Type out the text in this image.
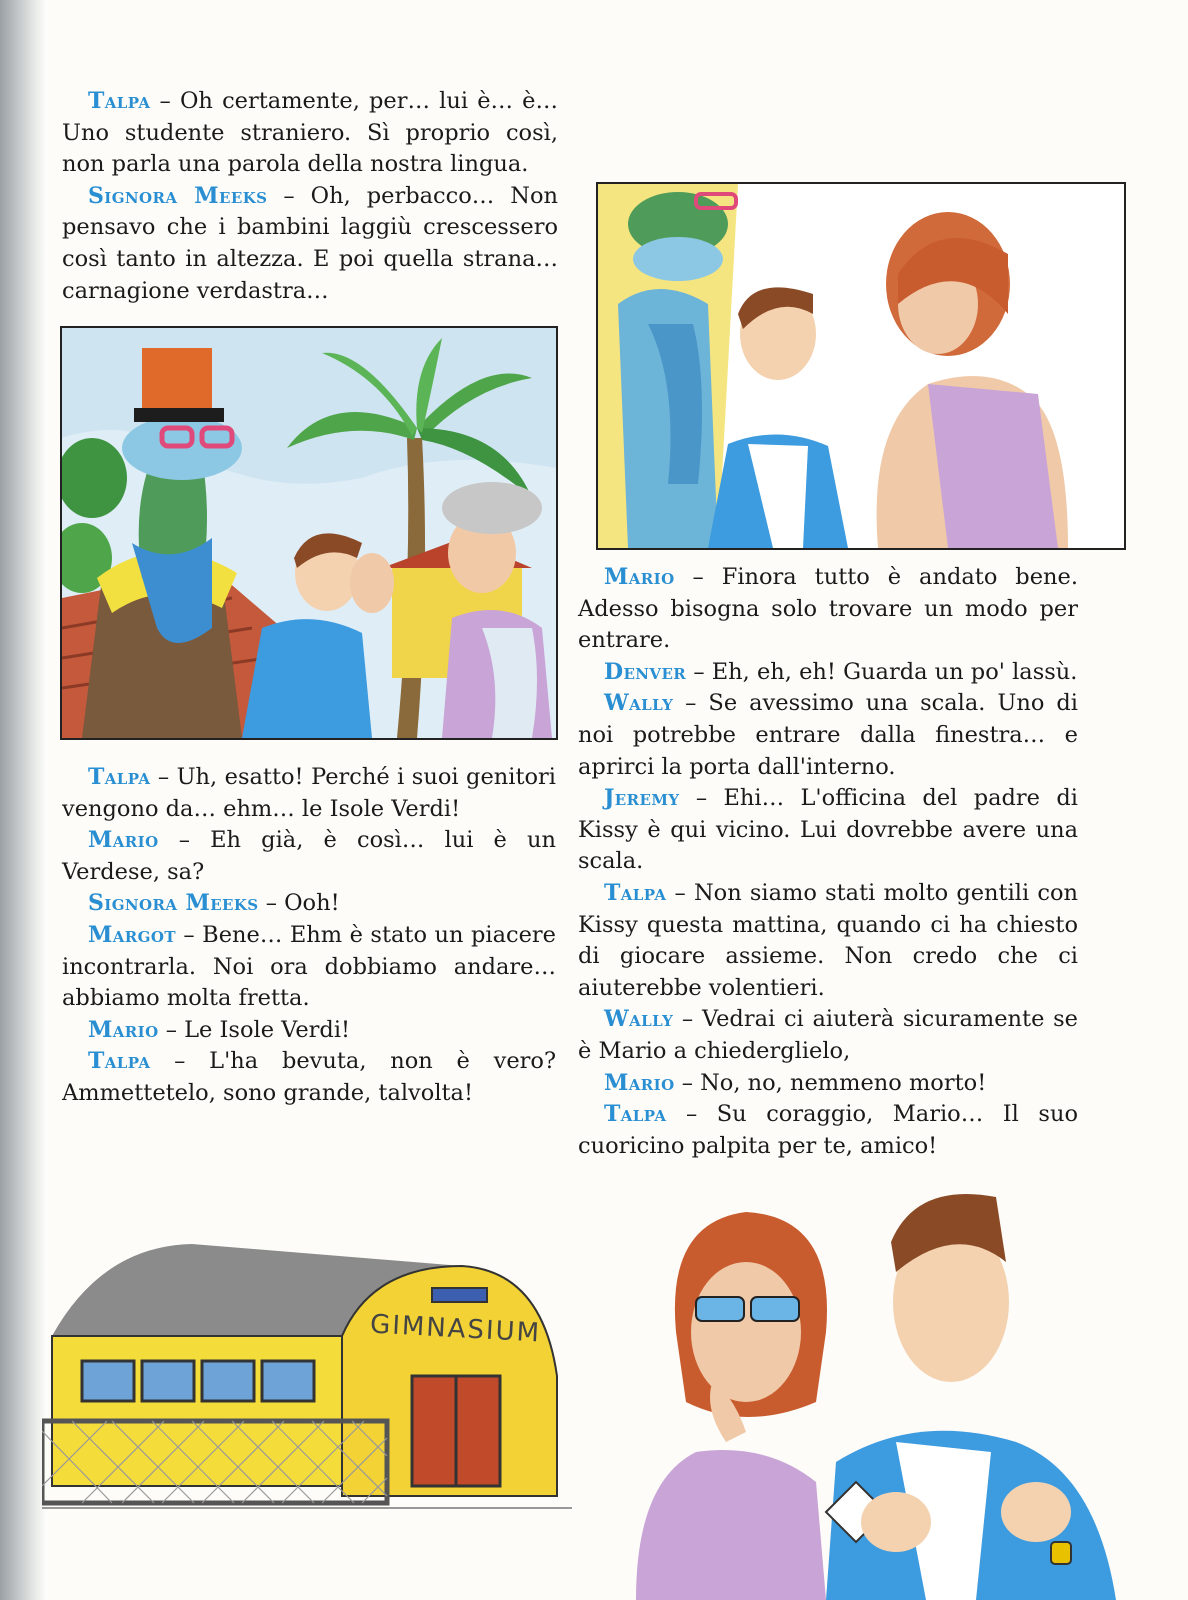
Talpa – Oh certamente, per… lui è… è… Uno studente straniero. Sì proprio così, non parla una parola della nostra lingua.

Signora Meeks – Oh, perbacco… Non pensavo che i bambini laggiù crescessero così tanto in altezza. E poi quella strana… carnagione verdastra…

Talpa – Uh, esatto! Perché i suoi genitori vengono da… ehm… le Isole Verdi!

Mario – Eh già, è così… lui è un Verdese, sa?

Signora Meeks – Ooh!

Margot – Bene… Ehm è stato un piacere incontrarla. Noi ora dobbiamo andare… abbiamo molta fretta.

Mario – Le Isole Verdi!

Talpa – L'ha bevuta, non è vero? Ammettetelo, sono grande, talvolta!

Mario – Finora tutto è andato bene. Adesso bisogna solo trovare un modo per entrare.

Denver – Eh, eh, eh! Guarda un po' lassù.

Wally – Se avessimo una scala. Uno di noi potrebbe entrare dalla finestra… e aprirci la porta dall'interno.

Jeremy – Ehi… L'officina del padre di Kissy è qui vicino. Lui dovrebbe avere una scala.

Talpa – Non siamo stati molto gentili con Kissy questa mattina, quando ci ha chiesto di giocare assieme. Non credo che ci aiuterebbe volentieri.

Wally – Vedrai ci aiuterà sicuramente se è Mario a chiederglielo,

Mario – No, no, nemmeno morto!

Talpa – Su coraggio, Mario… Il suo cuoricino palpita per te, amico!

GIMNASIUM
